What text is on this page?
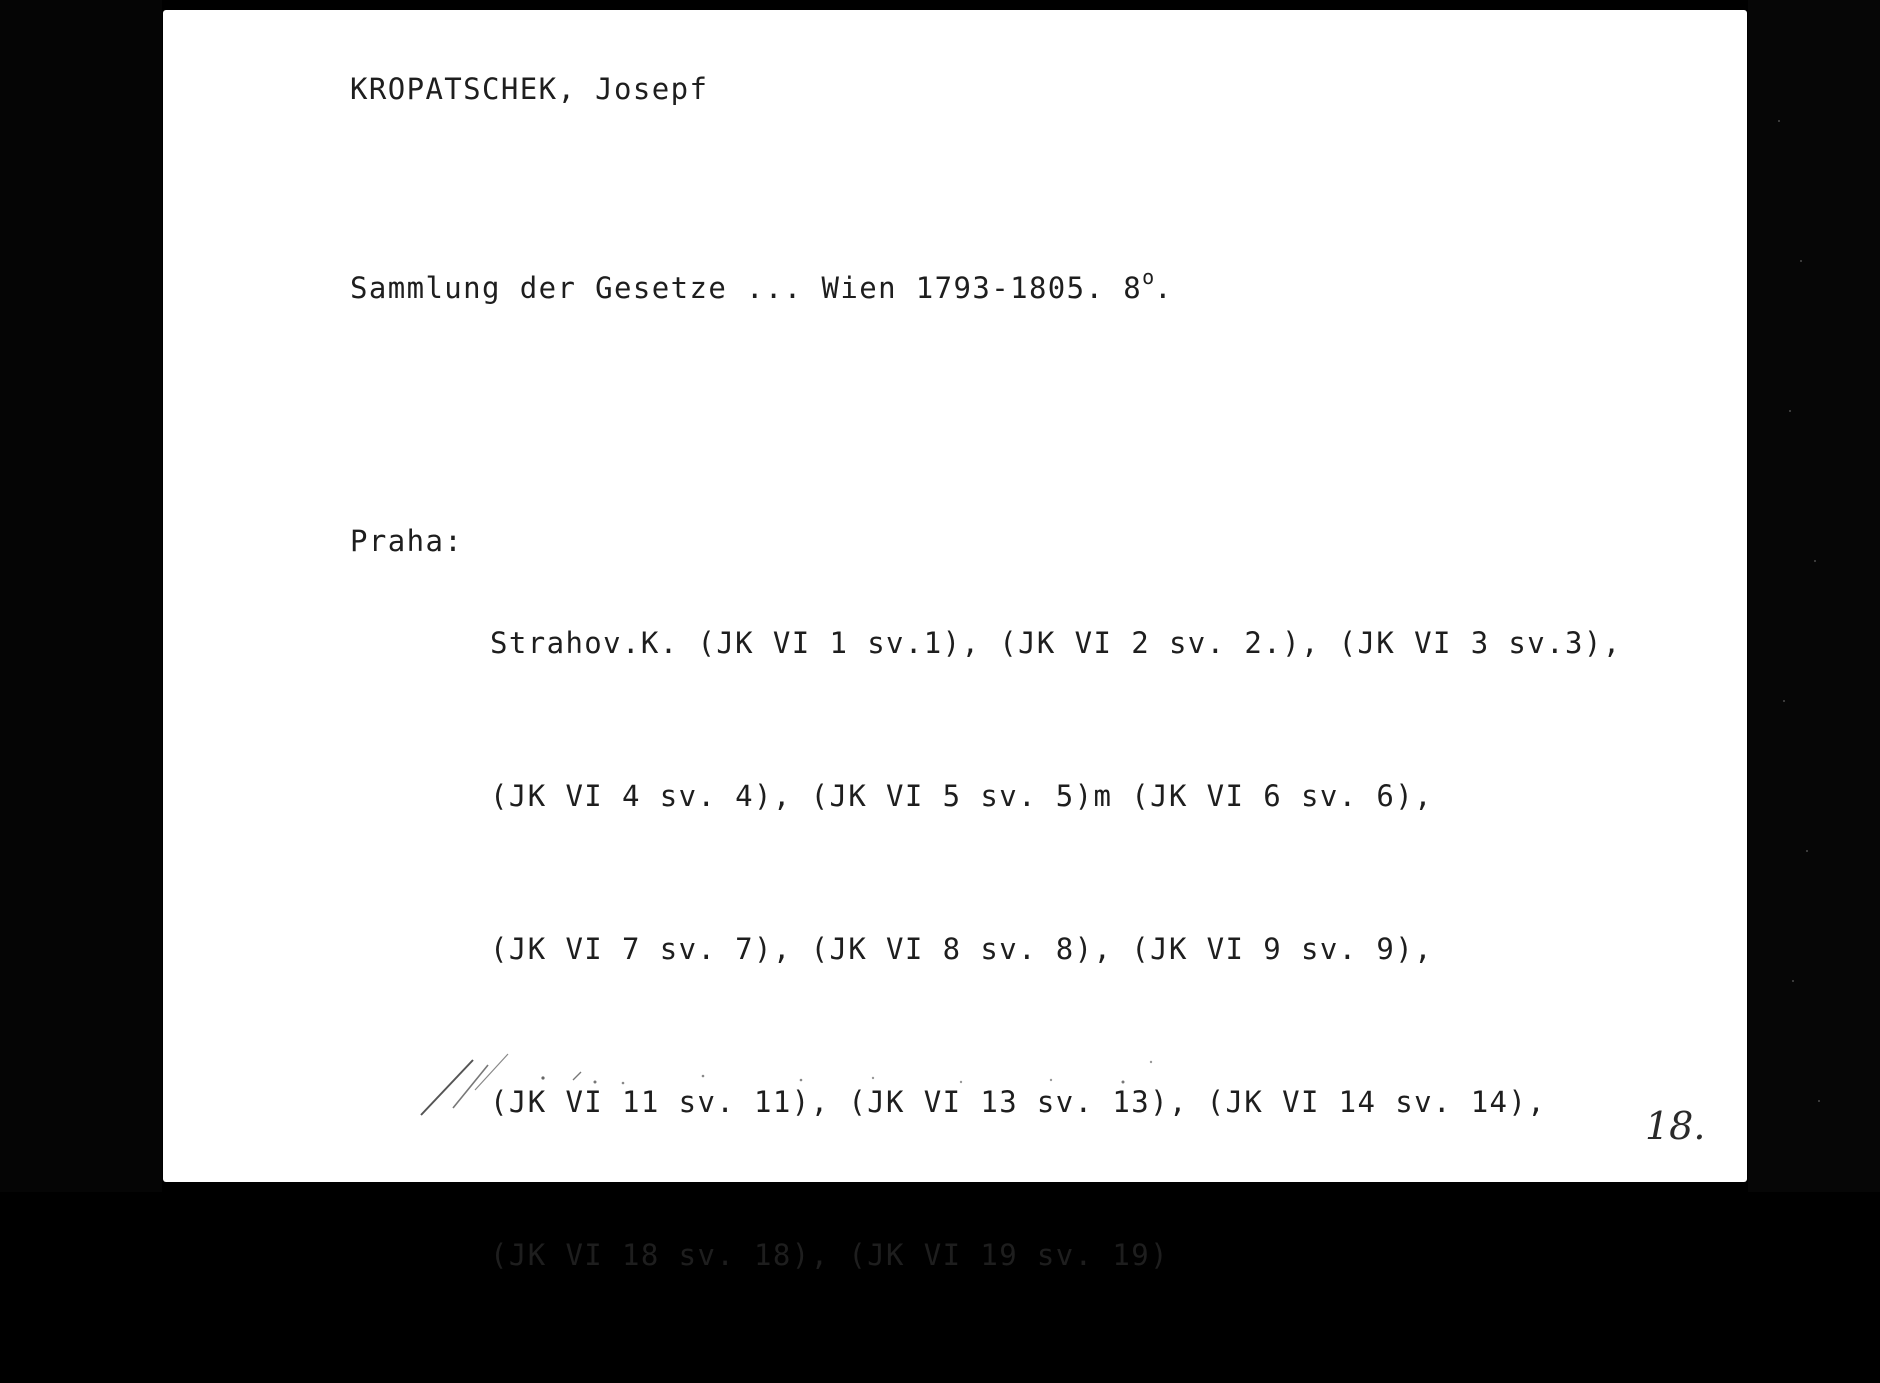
KROPATSCHEK, Josepf
Sammlung der Gesetze ... Wien 1793-1805. 8$^o$.
Praha:

Strahov.K. (JK VI 1 sv.1), (JK VI 2 sv. 2.), (JK VI 3 sv.3),

(JK VI 4 sv. 4), (JK VI 5 sv. 5)m (JK VI 6 sv. 6),

(JK VI 7 sv. 7), (JK VI 8 sv. 8), (JK VI 9 sv. 9),

(JK VI 11 sv. 11), (JK VI 13 sv. 13), (JK VI 14 sv. 14),

(JK VI 18 sv. 18), (JK VI 19 sv. 19)

18.
